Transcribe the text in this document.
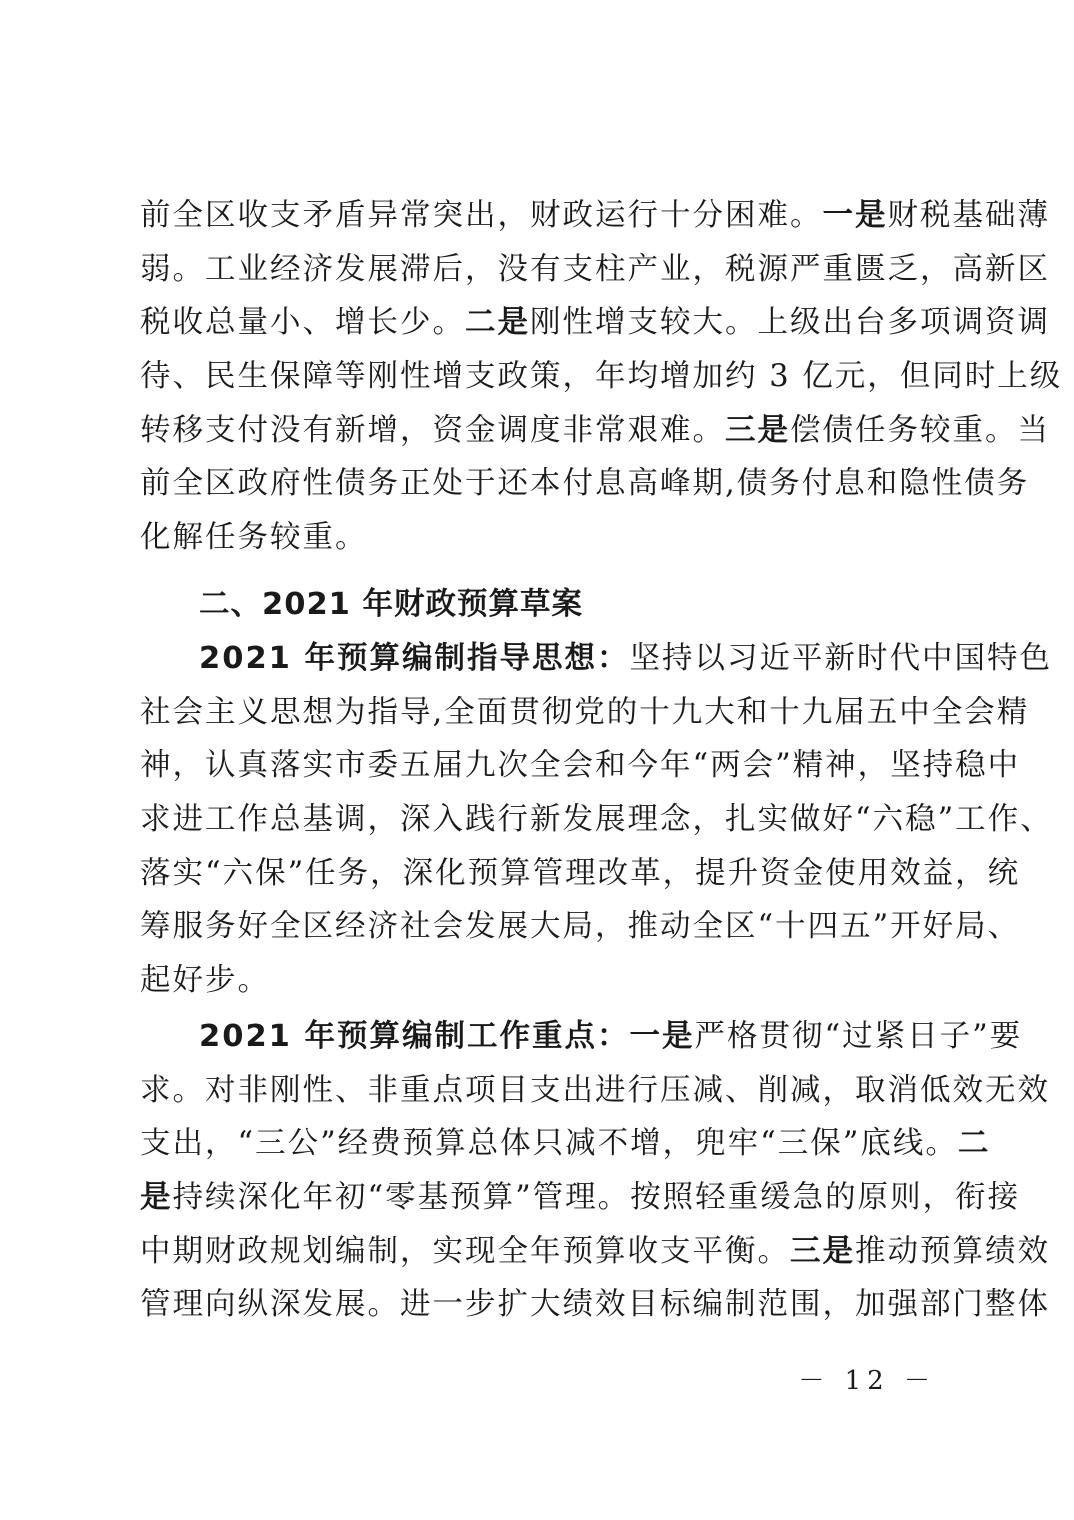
前全区收支矛盾异常突出，财政运行十分困难。一是财税基础薄
弱。工业经济发展滞后，没有支柱产业，税源严重匮乏，高新区
税收总量小、增长少。二是刚性增支较大。上级出台多项调资调
待、民生保障等刚性增支政策，年均增加约 3 亿元，但同时上级
转移支付没有新增，资金调度非常艰难。三是偿债任务较重。当
前全区政府性债务正处于还本付息高峰期,债务付息和隐性债务
化解任务较重。
二、2021 年财政预算草案
2021 年预算编制指导思想：坚持以习近平新时代中国特色
社会主义思想为指导,全面贯彻党的十九大和十九届五中全会精
神，认真落实市委五届九次全会和今年“两会”精神，坚持稳中
求进工作总基调，深入践行新发展理念，扎实做好“六稳”工作、
落实“六保”任务，深化预算管理改革，提升资金使用效益，统
筹服务好全区经济社会发展大局，推动全区“十四五”开好局、
起好步。
2021 年预算编制工作重点：一是严格贯彻“过紧日子”要
求。对非刚性、非重点项目支出进行压减、削减，取消低效无效
支出，“三公”经费预算总体只减不增，兜牢“三保”底线。二
是持续深化年初“零基预算”管理。按照轻重缓急的原则，衔接
中期财政规划编制，实现全年预算收支平衡。三是推动预算绩效
管理向纵深发展。进一步扩大绩效目标编制范围，加强部门整体
－ 12 －
